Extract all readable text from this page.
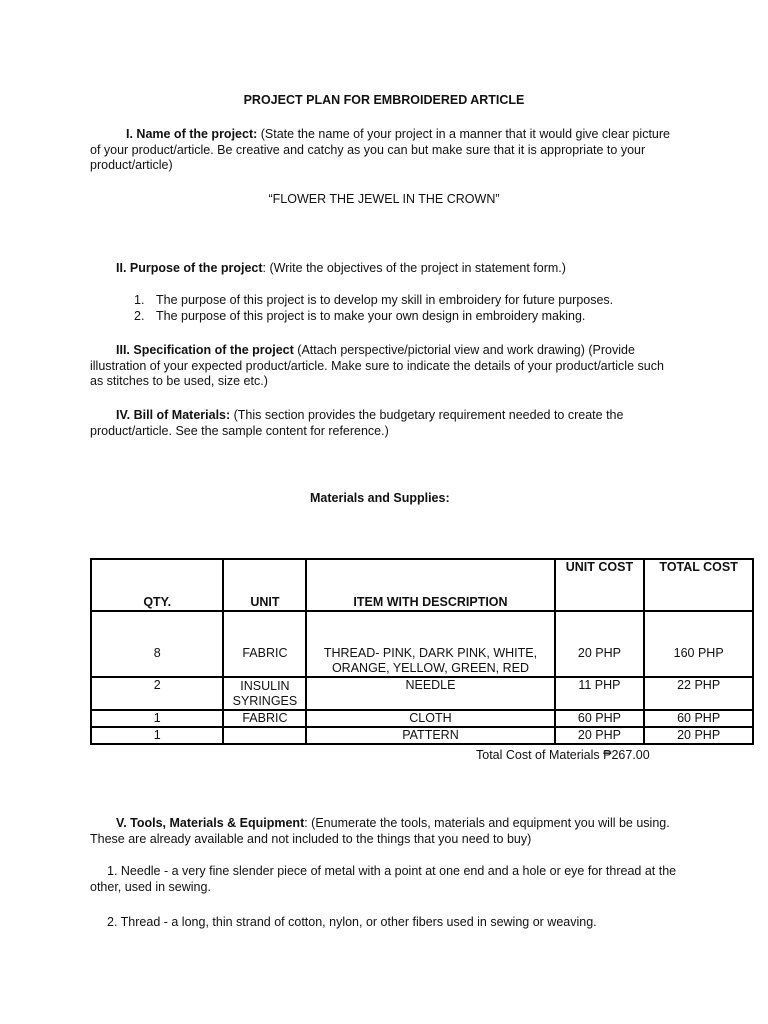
PROJECT PLAN FOR EMBROIDERED ARTICLE
I. Name of the project: (State the name of your project in a manner that it would give clear picture of your product/article. Be creative and catchy as you can but make sure that it is appropriate to your product/article)
“FLOWER THE JEWEL IN THE CROWN”
II. Purpose of the project: (Write the objectives of the project in statement form.)
1. The purpose of this project is to develop my skill in embroidery for future purposes.
2. The purpose of this project is to make your own design in embroidery making.
III. Specification of the project (Attach perspective/pictorial view and work drawing) (Provide illustration of your expected product/article. Make sure to indicate the details of your product/article such as stitches to be used, size etc.)
IV. Bill of Materials: (This section provides the budgetary requirement needed to create the product/article. See the sample content for reference.)
Materials and Supplies:
QTY.	UNIT	ITEM WITH DESCRIPTION	UNIT COST	TOTAL COST
8	FABRIC	THREAD- PINK, DARK PINK, WHITE, ORANGE, YELLOW, GREEN, RED	20 PHP	160 PHP
2	INSULIN SYRINGES	NEEDLE	11 PHP	22 PHP
1	FABRIC	CLOTH	60 PHP	60 PHP
1		PATTERN	20 PHP	20 PHP
Total Cost of Materials ₱267.00
V. Tools, Materials & Equipment: (Enumerate the tools, materials and equipment you will be using. These are already available and not included to the things that you need to buy)
1. Needle - a very fine slender piece of metal with a point at one end and a hole or eye for thread at the other, used in sewing.
2. Thread - a long, thin strand of cotton, nylon, or other fibers used in sewing or weaving.
